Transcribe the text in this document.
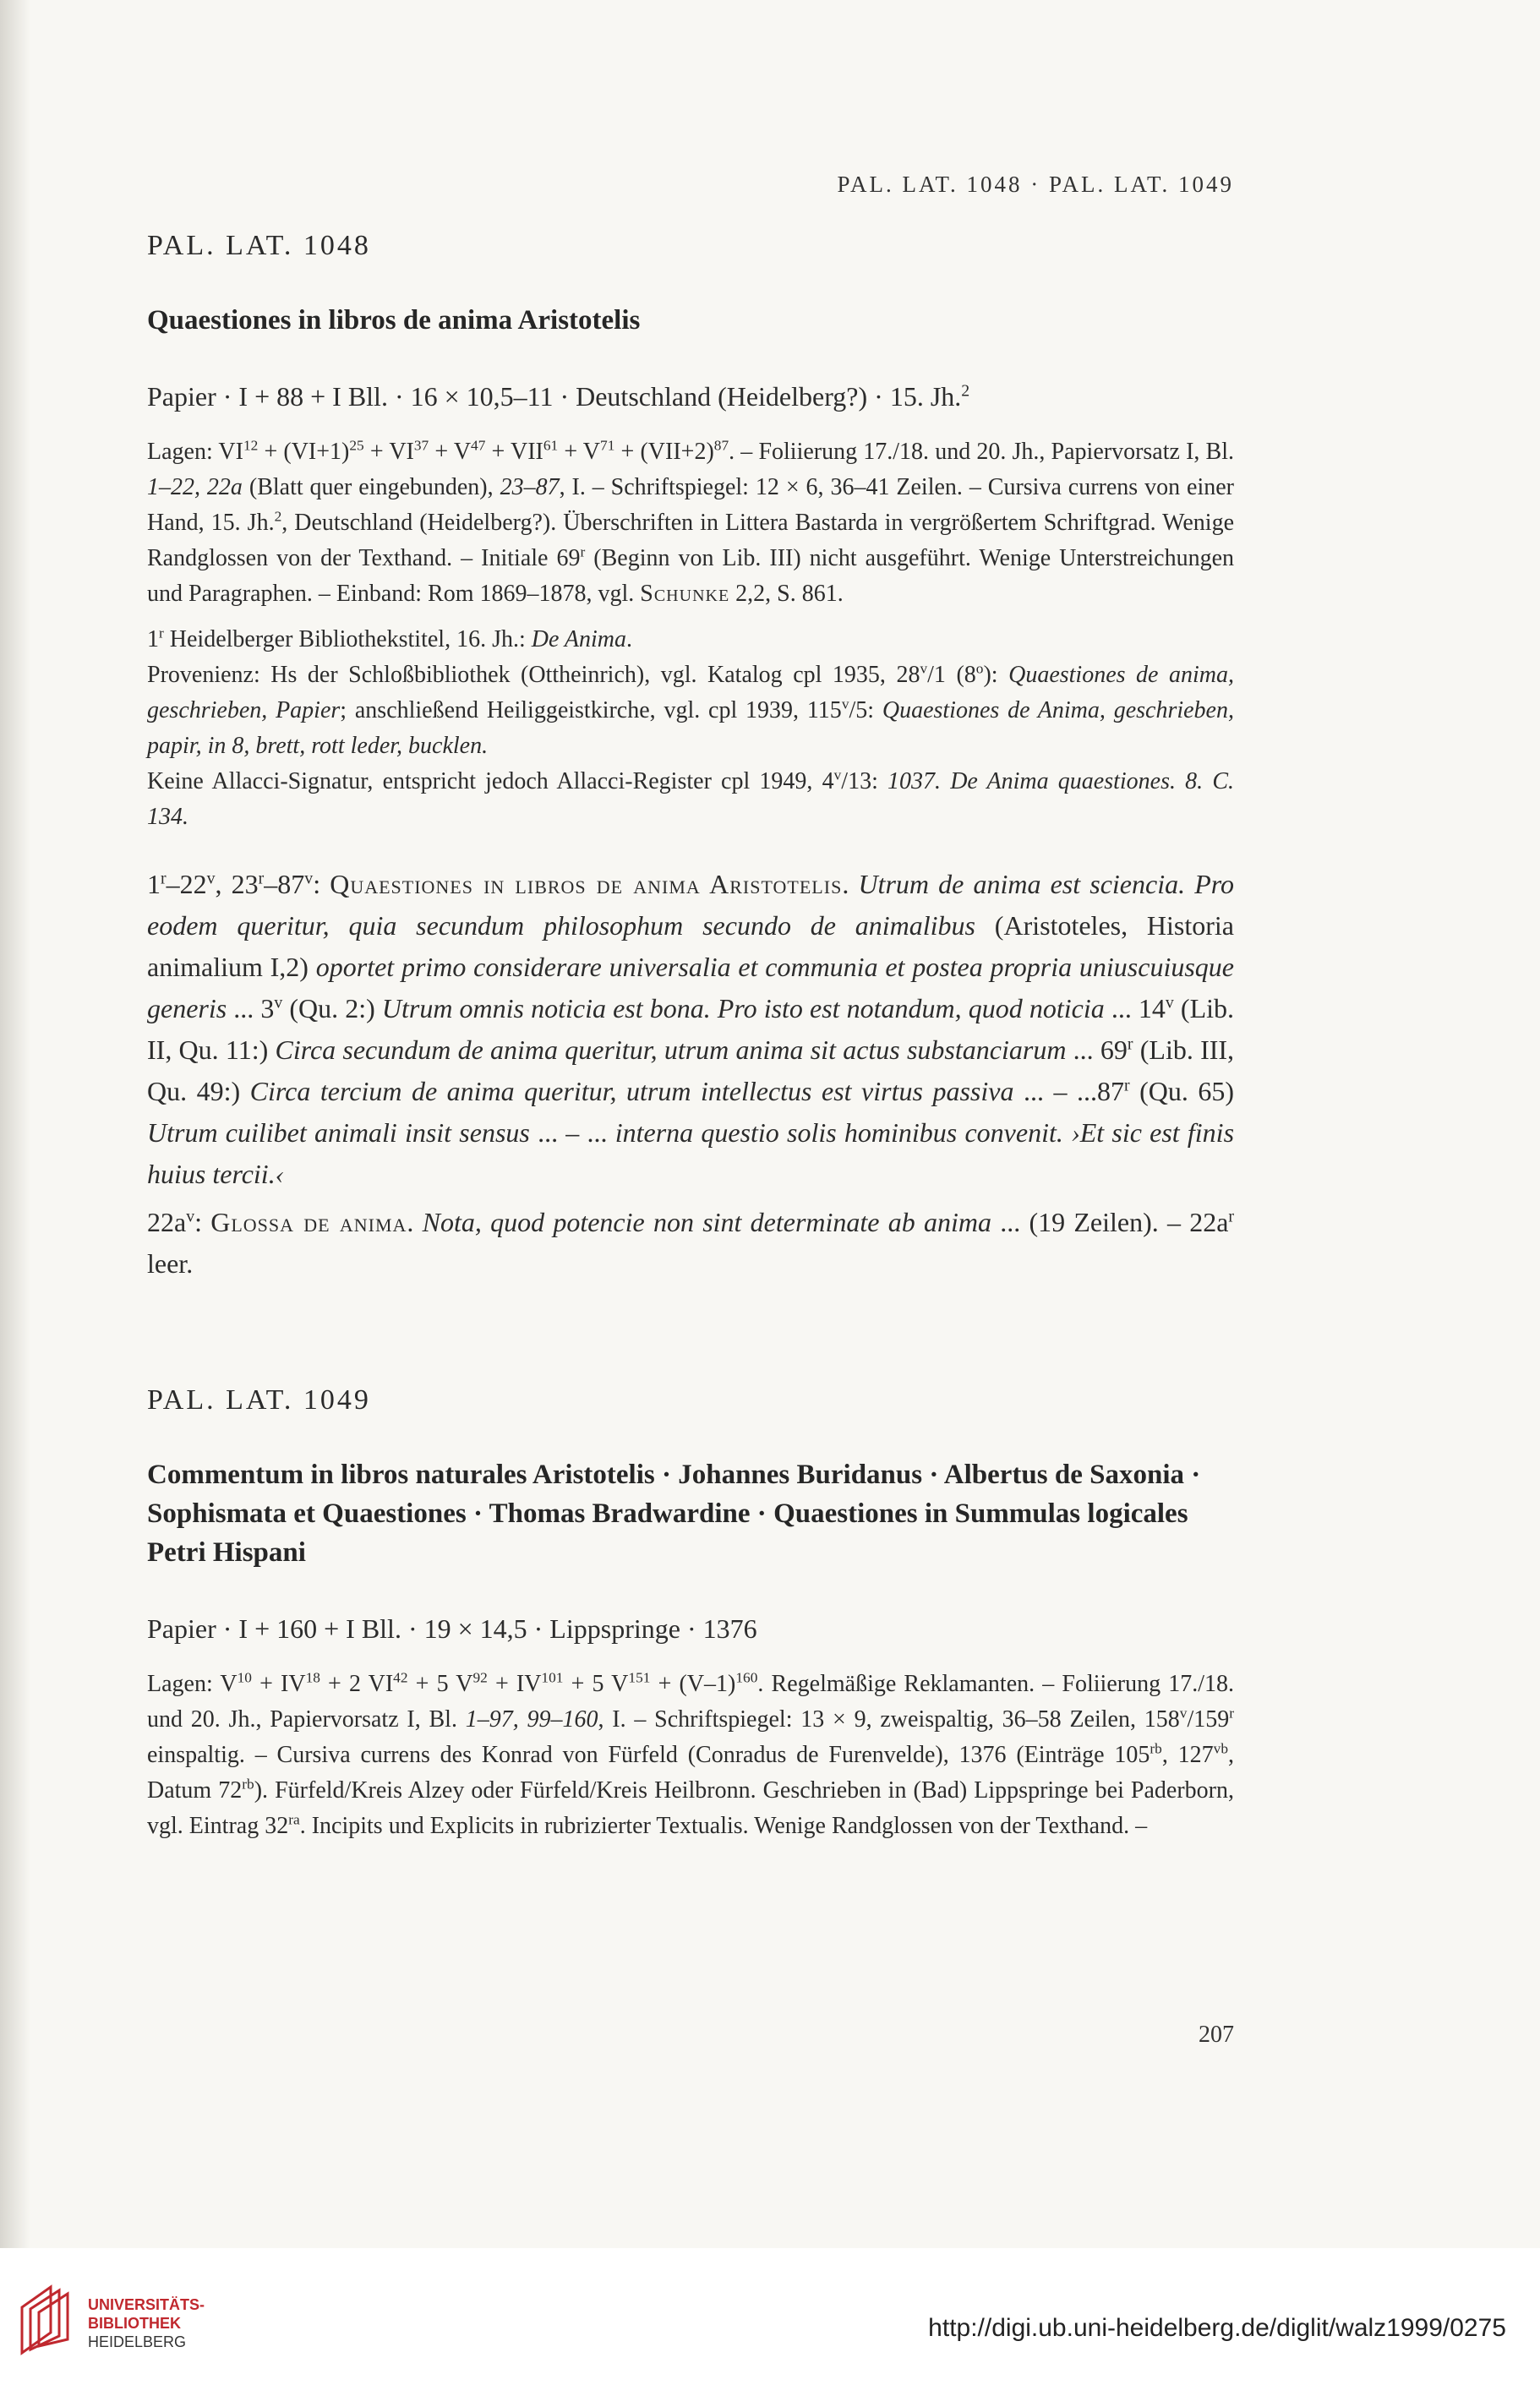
PAL. LAT. 1048 · PAL. LAT. 1049
PAL. LAT. 1048
Quaestiones in libros de anima Aristotelis
Papier · I + 88 + I Bll. · 16 × 10,5–11 · Deutschland (Heidelberg?) · 15. Jh.$^2$
Lagen: $VI^{12} + (VI+1)^{25} + VI^{37} + V^{47} + VII^{61} + V^{71} + (VII+2)^{87}$. – Foliierung 17./18. und 20. Jh., Papiervorsatz I, Bl. 1–22, 22a (Blatt quer eingebunden), 23–87, I. – Schriftspiegel: 12 × 6, 36–41 Zeilen. – Cursiva currens von einer Hand, 15. Jh.$^2$, Deutschland (Heidelberg?). Überschriften in Littera Bastarda in vergrößertem Schriftgrad. Wenige Randglossen von der Texthand. – Initiale 69$^r$ (Beginn von Lib. III) nicht ausgeführt. Wenige Unterstreichungen und Paragraphen. – Einband: Rom 1869–1878, vgl. Schunke 2,2, S. 861.
1$^r$ Heidelberger Bibliothekstitel, 16. Jh.: De Anima.
Provenienz: Hs der Schloßbibliothek (Ottheinrich), vgl. Katalog cpl 1935, 28$^v$/1 (8$^o$): Quaestiones de anima, geschrieben, Papier; anschließend Heiliggeistkirche, vgl. cpl 1939, 115$^v$/5: Quaestiones de Anima, geschrieben, papir, in 8, brett, rott leder, bucklen.
Keine Allacci-Signatur, entspricht jedoch Allacci-Register cpl 1949, 4$^v$/13: 1037. De Anima quaestiones. 8. C. 134.
1$^r$–22$^v$, 23$^r$–87$^v$: Quaestiones in libros de anima Aristotelis. Utrum de anima est sciencia. Pro eodem queritur, quia secundum philosophum secundo de animalibus (Aristoteles, Historia animalium I,2) oportet primo considerare universalia et communia et postea propria uniuscuiusque generis ... 3$^v$ (Qu. 2:) Utrum omnis noticia est bona. Pro isto est notandum, quod noticia ... 14$^v$ (Lib. II, Qu. 11:) Circa secundum de anima queritur, utrum anima sit actus substanciarum ... 69$^r$ (Lib. III, Qu. 49:) Circa tercium de anima queritur, utrum intellectus est virtus passiva ... – ...87$^r$ (Qu. 65) Utrum cuilibet animali insit sensus ... – ... interna questio solis hominibus convenit. ›Et sic est finis huius tercii.‹
$22a^v$: Glossa de anima. Nota, quod potencie non sint determinate ab anima ... (19 Zeilen). – $22a^r$ leer.
PAL. LAT. 1049
Commentum in libros naturales Aristotelis · Johannes Buridanus · Albertus de Saxonia · Sophismata et Quaestiones · Thomas Bradwardine · Quaestiones in Summulas logicales Petri Hispani
Papier · I + 160 + I Bll. · 19 × 14,5 · Lippspringe · 1376
Lagen: $V^{10} + IV^{18} + 2$ $VI^{42} + 5$ $V^{92} + IV^{101} + 5$ $V^{151} + (V-1)^{160}$. Regelmäßige Reklamanten. – Foliierung 17./18. und 20. Jh., Papiervorsatz I, Bl. 1–97, 99–160, I. – Schriftspiegel: 13 × 9, zweispaltig, 36–58 Zeilen, 158$^v$/159$^r$ einspaltig. – Cursiva currens des Konrad von Fürfeld (Conradus de Furenvelde), 1376 (Einträge $105^{rb}$, $127^{vb}$, Datum $72^{rb}$). Fürfeld/Kreis Alzey oder Fürfeld/Kreis Heilbronn. Geschrieben in (Bad) Lippspringe bei Paderborn, vgl. Eintrag $32^{ra}$. Incipits und Explicits in rubrizierter Textualis. Wenige Randglossen von der Texthand. –
207
UNIVERSITÄTS-
BIBLIOTHEK
HEIDELBERG	http://digi.ub.uni-heidelberg.de/diglit/walz1999/0275
